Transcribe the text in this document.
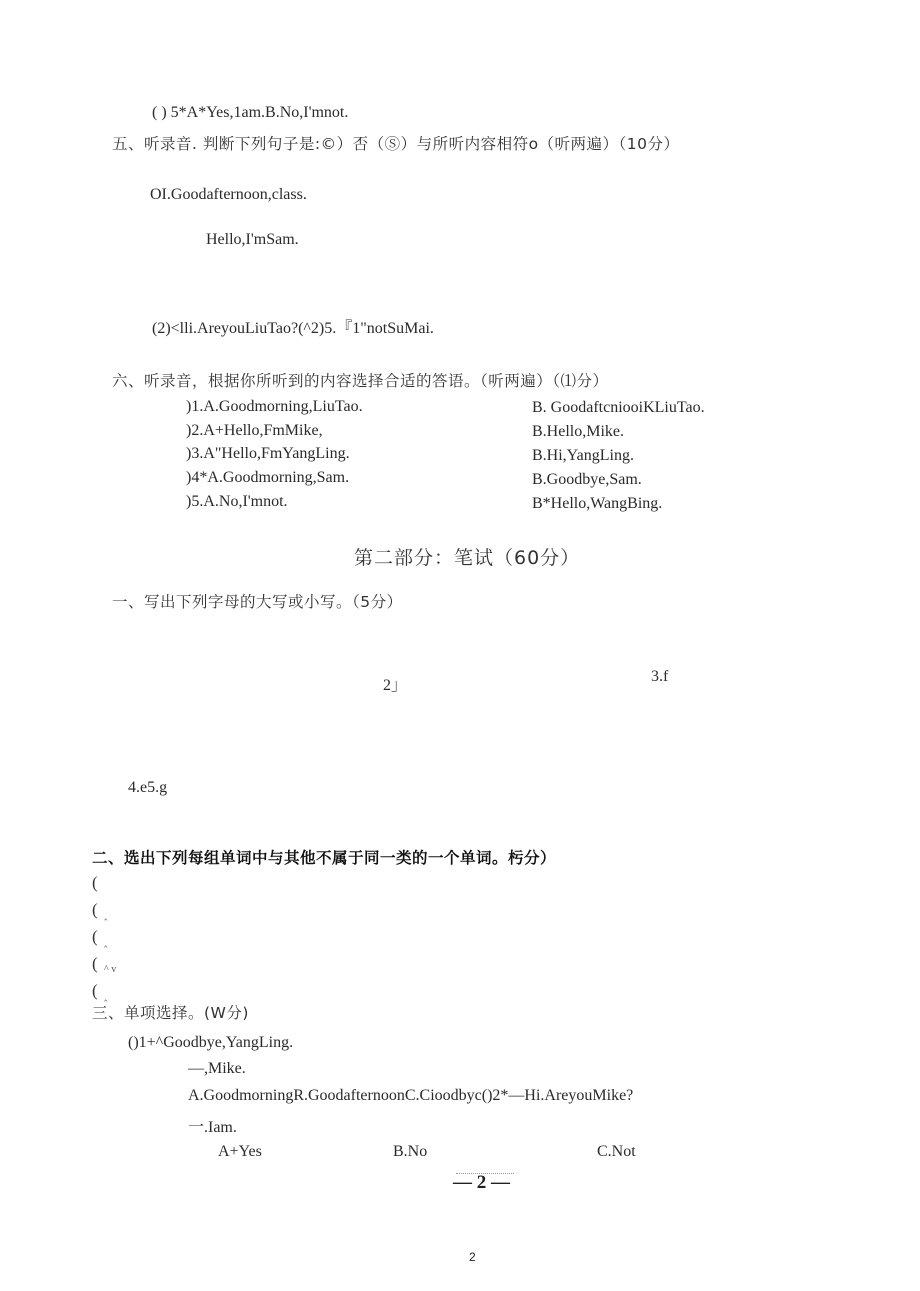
( ) 5*A*Yes,1am.B.No,I'mnot.
五、听录音. 判断下列句子是:©）否（Ⓢ）与所听内容相符o（听两遍）（10分）
OI.Goodafternoon,class.
Hello,I'mSam.
(2)<lli.AreyouLiuTao?(^2)5.『1"notSuMai.
六、听录音，根据你所听到的内容选择合适的答语。（听两遍）（⑴分）
)1.A.Goodmorning,LiuTao.	B. GoodaftcniooiKLiuTao.
)2.A+Hello,FmMike,	B.Hello,Mike.
)3.A"Hello,FmYangLing.	B.Hi,YangLing.
)4*A.Goodmorning,Sam.	B.Goodbye,Sam.
)5.A.No,I'mnot.	B*Hello,WangBing.
第二部分：笔试（60分）
一、写出下列字母的大写或小写。（5分）
2」
3.f
4.e5.g
二、选出下列每组单词中与其他不属于同一类的一个单词。杇分）
(
( ‸
( ‸
( ^ v
( ‸
三、单项选择。(W分)
()1+^Goodbye,YangLing.
—,Mike.
A.GoodmorningR.GoodafternoonC.Cioodbyc()2*—Hi.AreyouMike?
一.Iam.
A+Yes	B.No	C.Not
— 2 —
2
